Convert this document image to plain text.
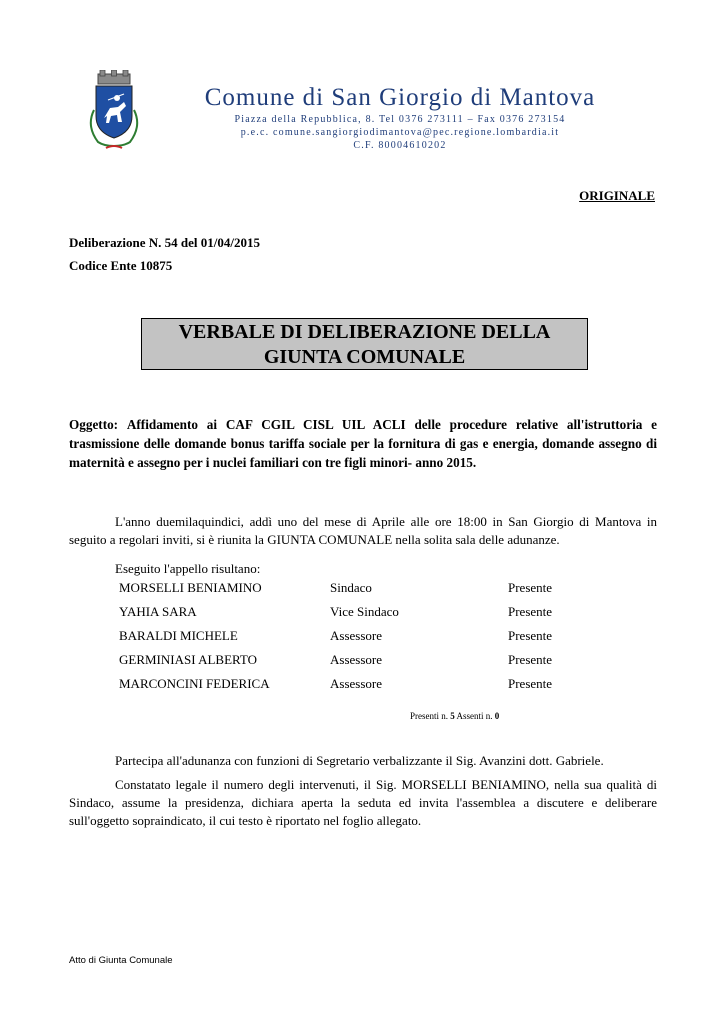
Comune di San Giorgio di Mantova
Piazza della Repubblica, 8. Tel 0376 273111 – Fax 0376 273154
p.e.c. comune.sangiorgiodimantova@pec.regione.lombardia.it
C.F. 80004610202
ORIGINALE
Deliberazione N. 54 del 01/04/2015
Codice Ente 10875
VERBALE DI DELIBERAZIONE DELLA
GIUNTA COMUNALE
Oggetto: Affidamento ai CAF CGIL CISL UIL ACLI delle procedure relative all'istruttoria e trasmissione delle domande bonus tariffa sociale per la fornitura di gas e energia, domande assegno di maternità e assegno per i nuclei familiari con tre figli minori- anno 2015.
L'anno duemilaquindici, addì uno del mese di Aprile alle ore 18:00 in San Giorgio di Mantova in seguito a regolari inviti, si è riunita la GIUNTA COMUNALE nella solita sala delle adunanze.
Eseguito l'appello risultano:
MORSELLI BENIAMINO	Sindaco	Presente
YAHIA SARA	Vice Sindaco	Presente
BARALDI MICHELE	Assessore	Presente
GERMINIASI ALBERTO	Assessore	Presente
MARCONCINI FEDERICA	Assessore	Presente
Presenti n. 5 Assenti n. 0
Partecipa all'adunanza con funzioni di Segretario verbalizzante il Sig. Avanzini dott. Gabriele.
Constatato legale il numero degli intervenuti, il Sig. MORSELLI BENIAMINO, nella sua qualità di Sindaco, assume la presidenza, dichiara aperta la seduta ed invita l'assemblea a discutere e deliberare sull'oggetto sopraindicato, il cui testo è riportato nel foglio allegato.
Atto di Giunta Comunale
